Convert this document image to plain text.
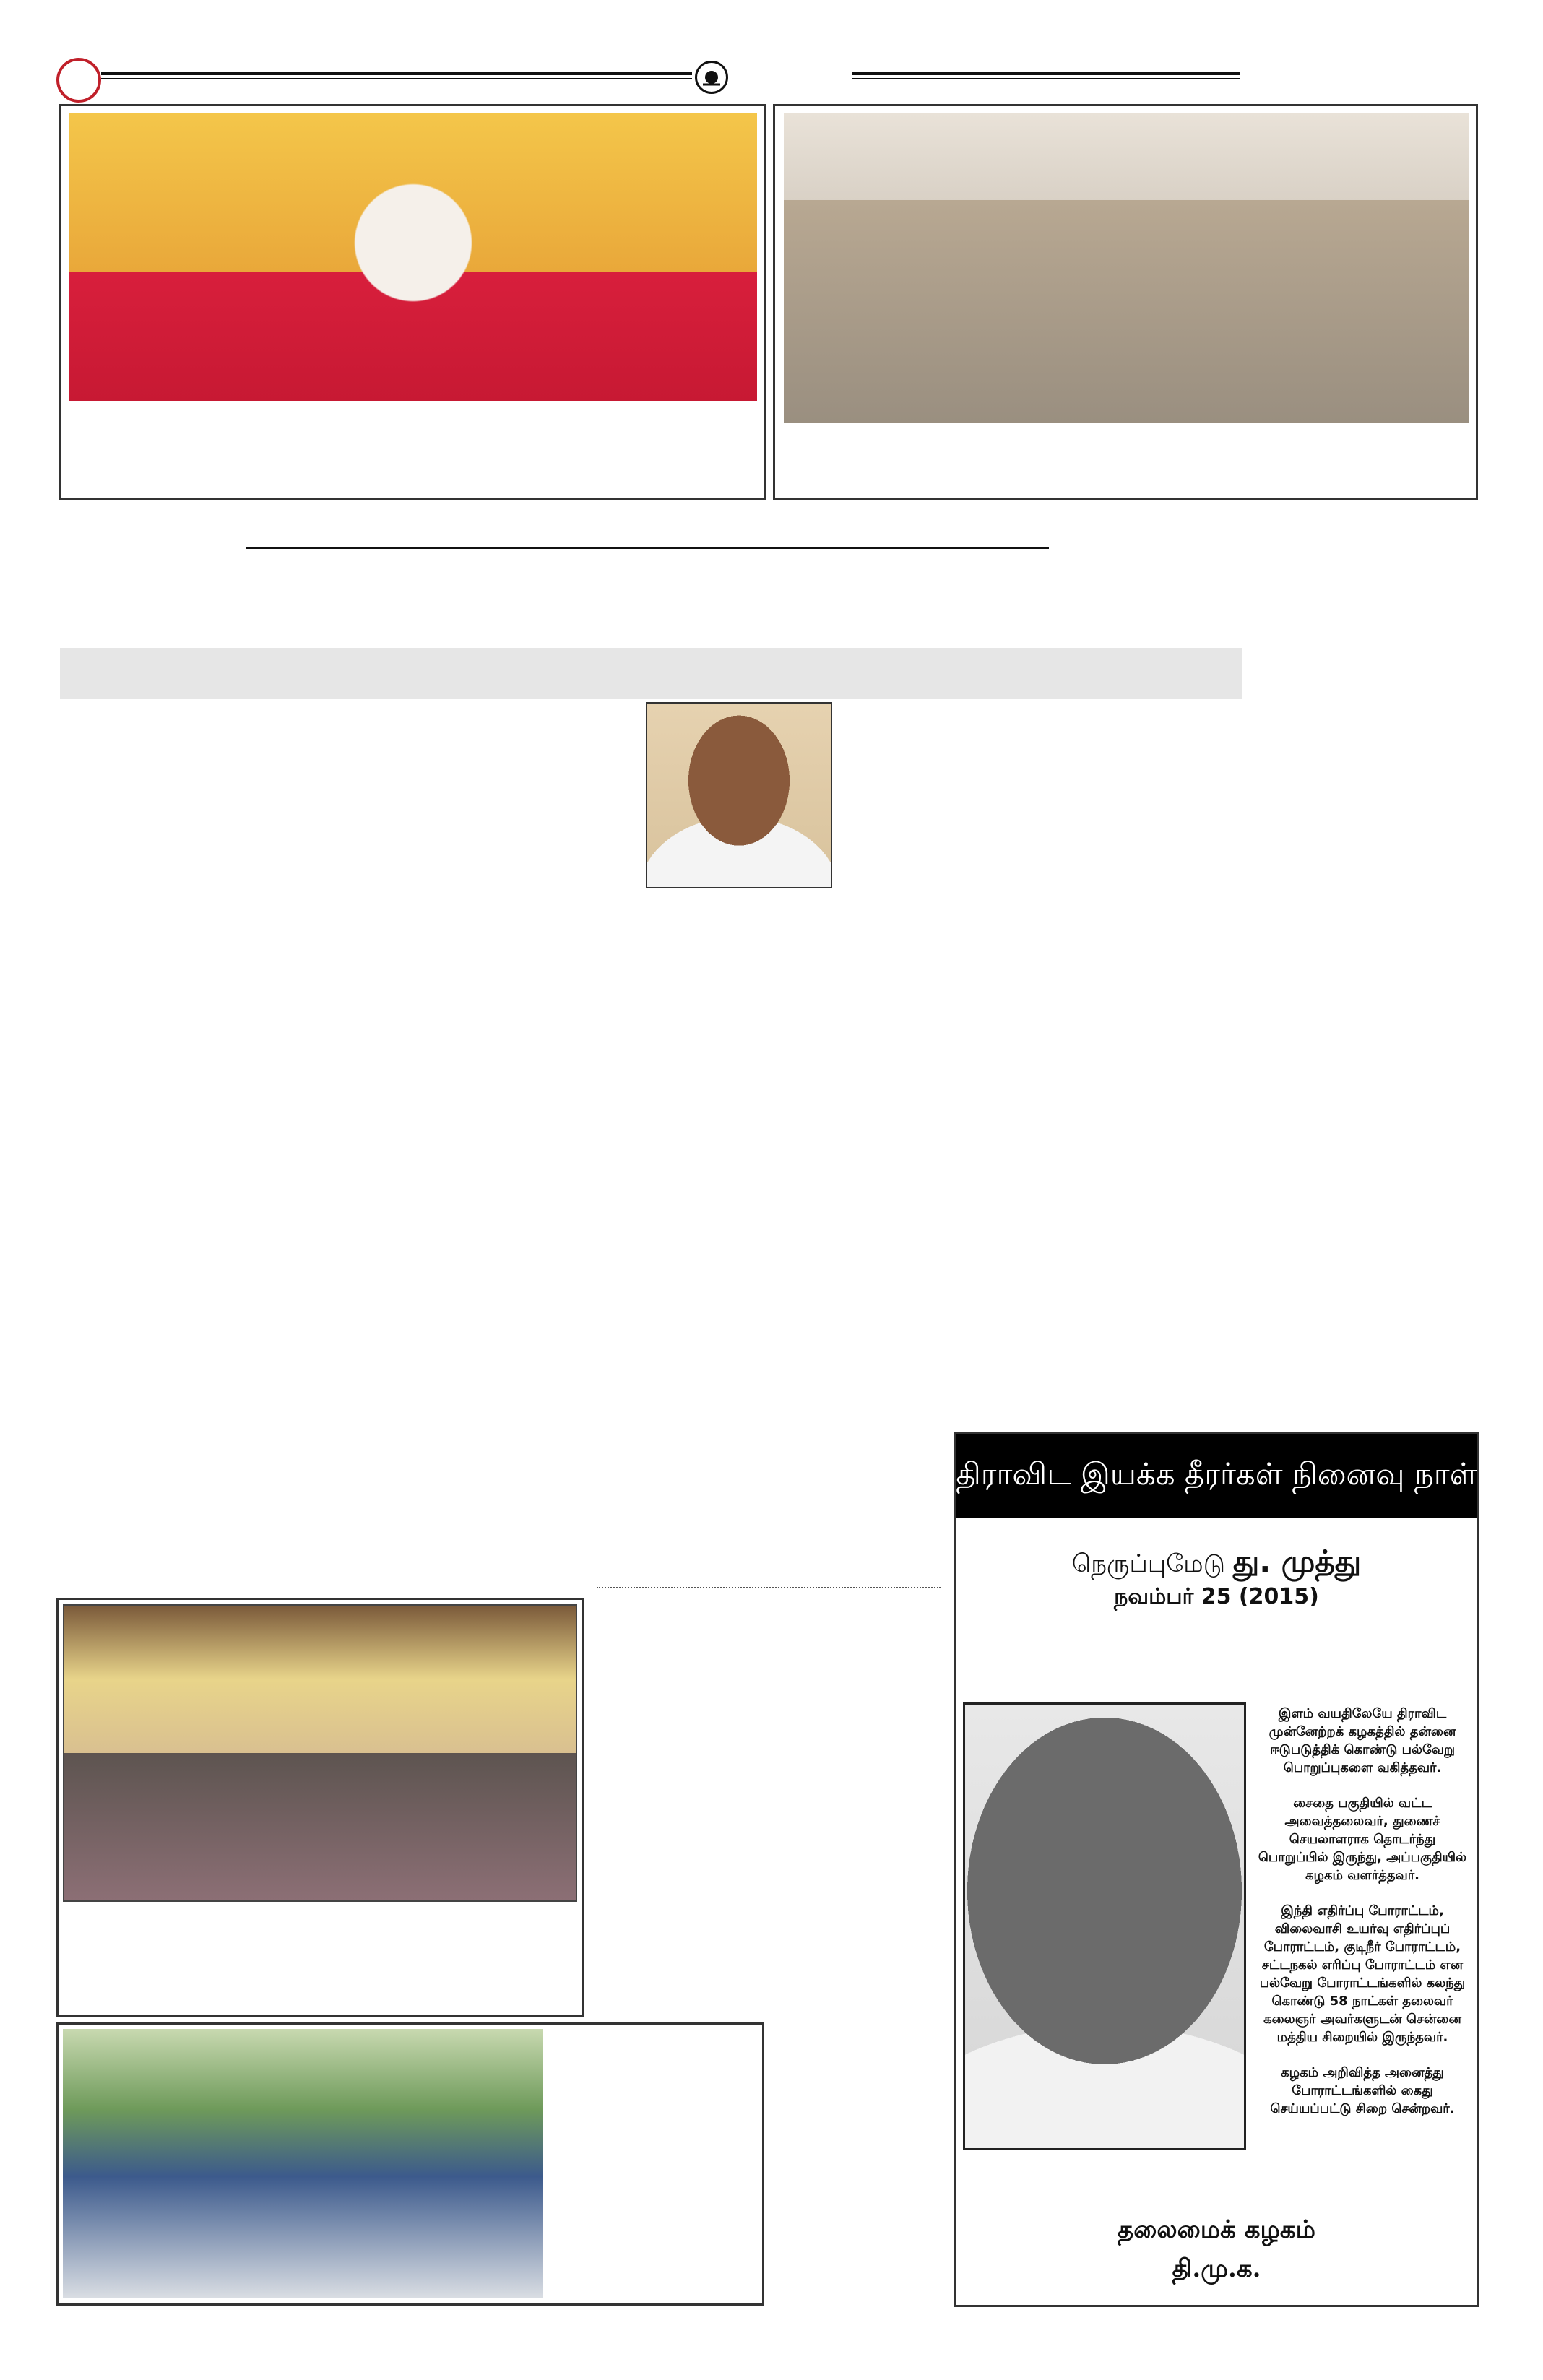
திராவிட இயக்க தீரர்கள் நினைவு நாள்
நெருப்புமேடு து. முத்து
நவம்பர் 25 (2015)

இளம் வயதிலேயே திராவிட முன்னேற்றக் கழகத்தில் தன்னை ஈடுபடுத்திக் கொண்டு பல்வேறு பொறுப்புகளை வகித்தவர்.

சைதை பகுதியில் வட்ட அவைத்தலைவர், துணைச் செயலாளராக தொடர்ந்து பொறுப்பில் இருந்து, அப்பகுதியில் கழகம் வளர்த்தவர்.

இந்தி எதிர்ப்பு போராட்டம், விலைவாசி உயர்வு எதிர்ப்புப் போராட்டம், குடிநீர் போராட்டம், சட்டநகல் எரிப்பு போராட்டம் என பல்வேறு போராட்டங்களில் கலந்து கொண்டு 58 நாட்கள் தலைவர் கலைஞர் அவர்களுடன் சென்னை மத்திய சிறையில் இருந்தவர்.

கழகம் அறிவித்த அனைத்து போராட்டங்களில் கைது செய்யப்பட்டு சிறை சென்றவர்.

தலைமைக் கழகம்
தி.மு.க.
